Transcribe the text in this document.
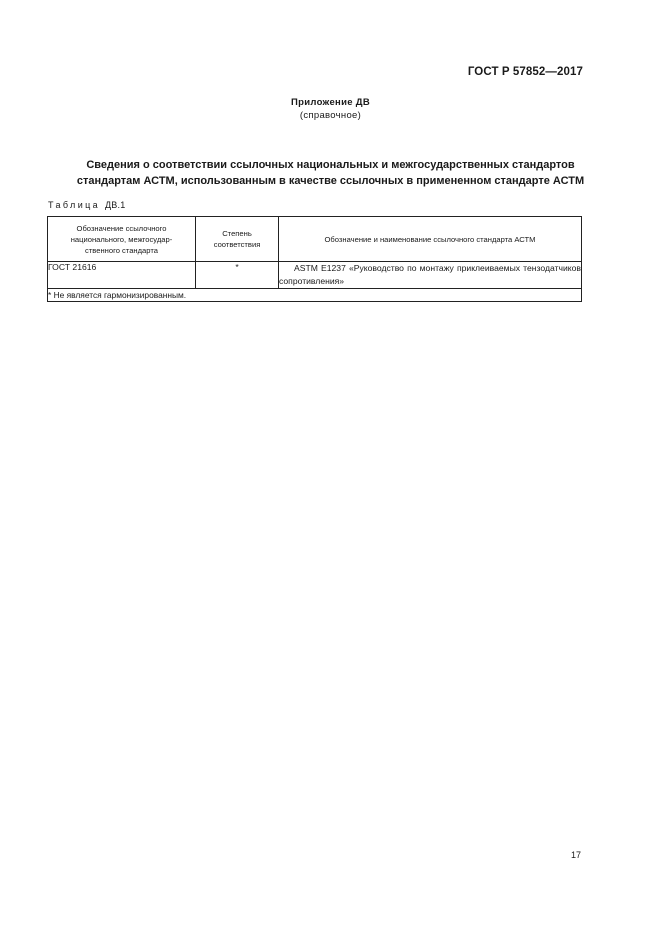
ГОСТ Р 57852—2017
Приложение ДВ
(справочное)
Сведения о соответствии ссылочных национальных и межгосударственных стандартов
стандартам АСТМ, использованным в качестве ссылочных в примененном стандарте АСТМ
Таблица ДВ.1
Обозначение ссылочного национального, межгосудар-ственного стандарта	Степень соответствия	Обозначение и наименование ссылочного стандарта АСТМ

ГОСТ 21616	*	ASTM E1237 «Руководство по монтажу приклеиваемых тензодатчиков сопротивления»
* Не является гармонизированным.		
17
